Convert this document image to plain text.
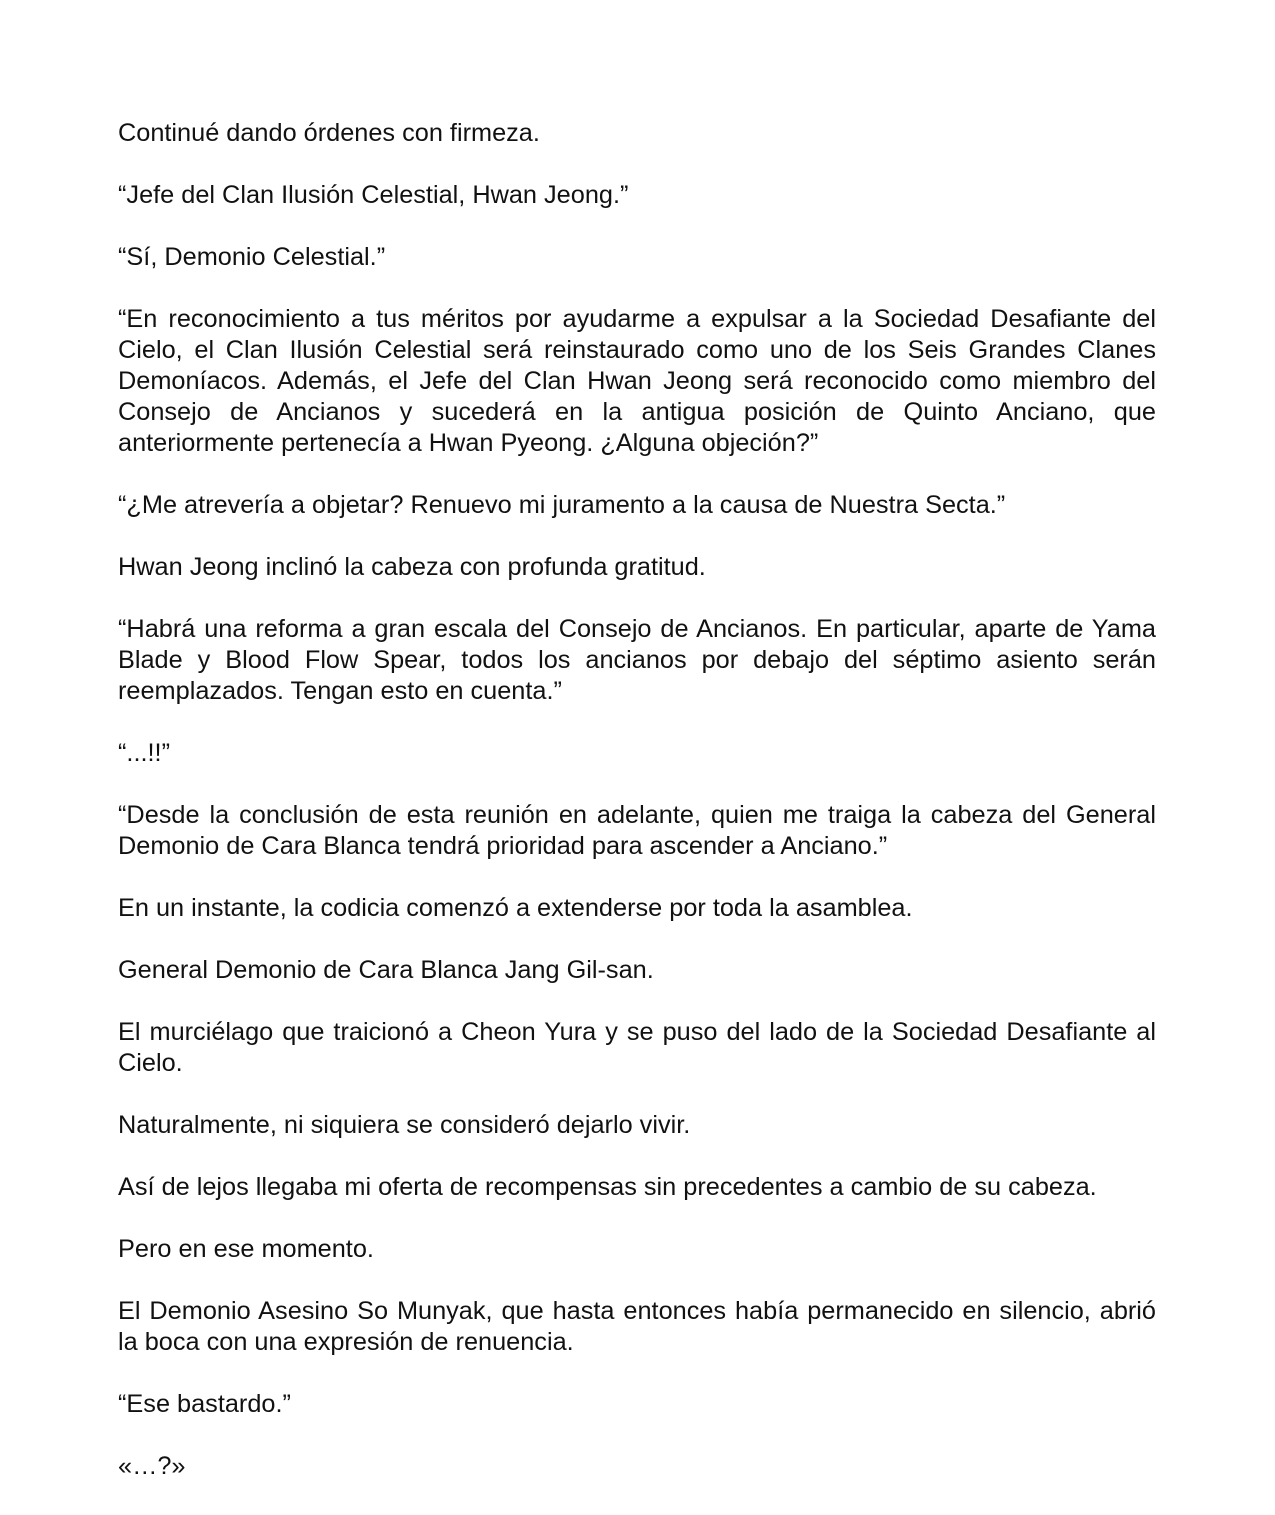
Continué dando órdenes con firmeza.

“Jefe del Clan Ilusión Celestial, Hwan Jeong.”

“Sí, Demonio Celestial.”

“En reconocimiento a tus méritos por ayudarme a expulsar a la Sociedad Desafiante del Cielo, el Clan Ilusión Celestial será reinstaurado como uno de los Seis Grandes Clanes Demoníacos. Además, el Jefe del Clan Hwan Jeong será reconocido como miembro del Consejo de Ancianos y sucederá en la antigua posición de Quinto Anciano, que anteriormente pertenecía a Hwan Pyeong. ¿Alguna objeción?”

“¿Me atrevería a objetar? Renuevo mi juramento a la causa de Nuestra Secta.”

Hwan Jeong inclinó la cabeza con profunda gratitud.

“Habrá una reforma a gran escala del Consejo de Ancianos. En particular, aparte de Yama Blade y Blood Flow Spear, todos los ancianos por debajo del séptimo asiento serán reemplazados. Tengan esto en cuenta.”

“...!!”

“Desde la conclusión de esta reunión en adelante, quien me traiga la cabeza del General Demonio de Cara Blanca tendrá prioridad para ascender a Anciano.”

En un instante, la codicia comenzó a extenderse por toda la asamblea.

General Demonio de Cara Blanca Jang Gil-san.

El murciélago que traicionó a Cheon Yura y se puso del lado de la Sociedad Desafiante al Cielo.

Naturalmente, ni siquiera se consideró dejarlo vivir.

Así de lejos llegaba mi oferta de recompensas sin precedentes a cambio de su cabeza.

Pero en ese momento.

El Demonio Asesino So Munyak, que hasta entonces había permanecido en silencio, abrió la boca con una expresión de renuencia.

“Ese bastardo.”

«…?»
